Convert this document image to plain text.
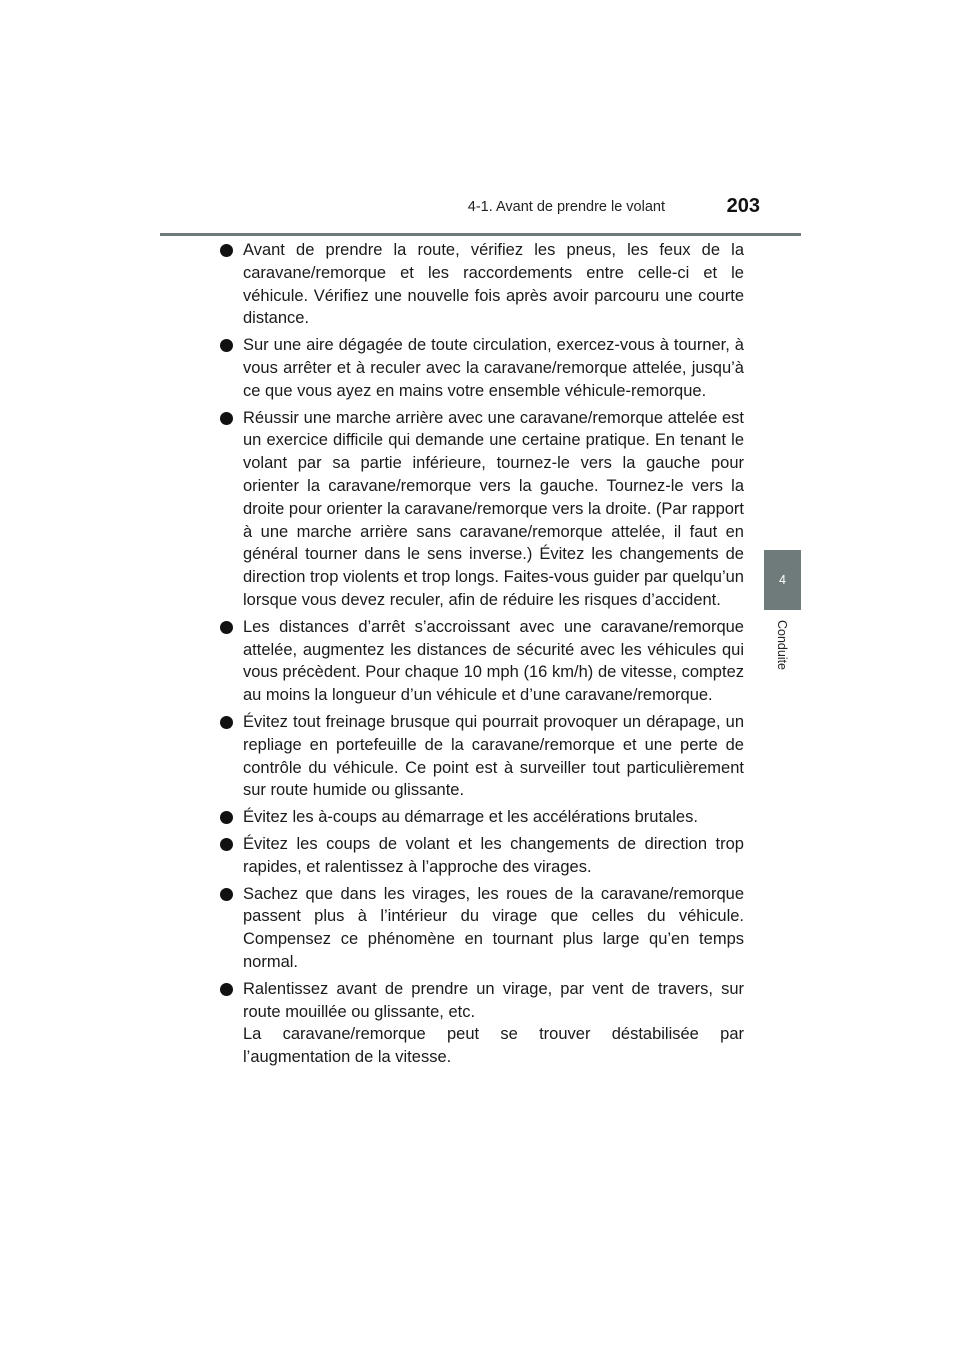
4-1. Avant de prendre le volant	203
4
Conduite

Avant de prendre la route, vérifiez les pneus, les feux de la caravane/remorque et les raccordements entre celle-ci et le véhicule. Vérifiez une nouvelle fois après avoir parcouru une courte distance.

Sur une aire dégagée de toute circulation, exercez-vous à tourner, à vous arrêter et à reculer avec la caravane/remorque attelée, jusqu’à ce que vous ayez en mains votre ensemble véhicule-remorque.

Réussir une marche arrière avec une caravane/remorque attelée est un exercice difficile qui demande une certaine pratique. En tenant le volant par sa partie inférieure, tournez-le vers la gauche pour orienter la caravane/remorque vers la gauche. Tournez-le vers la droite pour orienter la caravane/remorque vers la droite. (Par rapport à une marche arrière sans caravane/remorque attelée, il faut en général tourner dans le sens inverse.) Évitez les changements de direction trop violents et trop longs. Faites-vous guider par quelqu’un lorsque vous devez reculer, afin de réduire les risques d’accident.

Les distances d’arrêt s’accroissant avec une caravane/remorque attelée, augmentez les distances de sécurité avec les véhicules qui vous précèdent. Pour chaque 10 mph (16 km/h) de vitesse, comptez au moins la longueur d’un véhicule et d’une caravane/remorque.

Évitez tout freinage brusque qui pourrait provoquer un dérapage, un repliage en portefeuille de la caravane/remorque et une perte de contrôle du véhicule. Ce point est à surveiller tout particulièrement sur route humide ou glissante.

Évitez les à-coups au démarrage et les accélérations brutales.

Évitez les coups de volant et les changements de direction trop rapides, et ralentissez à l’approche des virages.

Sachez que dans les virages, les roues de la caravane/remorque passent plus à l’intérieur du virage que celles du véhicule. Compensez ce phénomène en tournant plus large qu’en temps normal.

Ralentissez avant de prendre un virage, par vent de travers, sur route mouillée ou glissante, etc.

La caravane/remorque peut se trouver déstabilisée par l’augmentation de la vitesse.
